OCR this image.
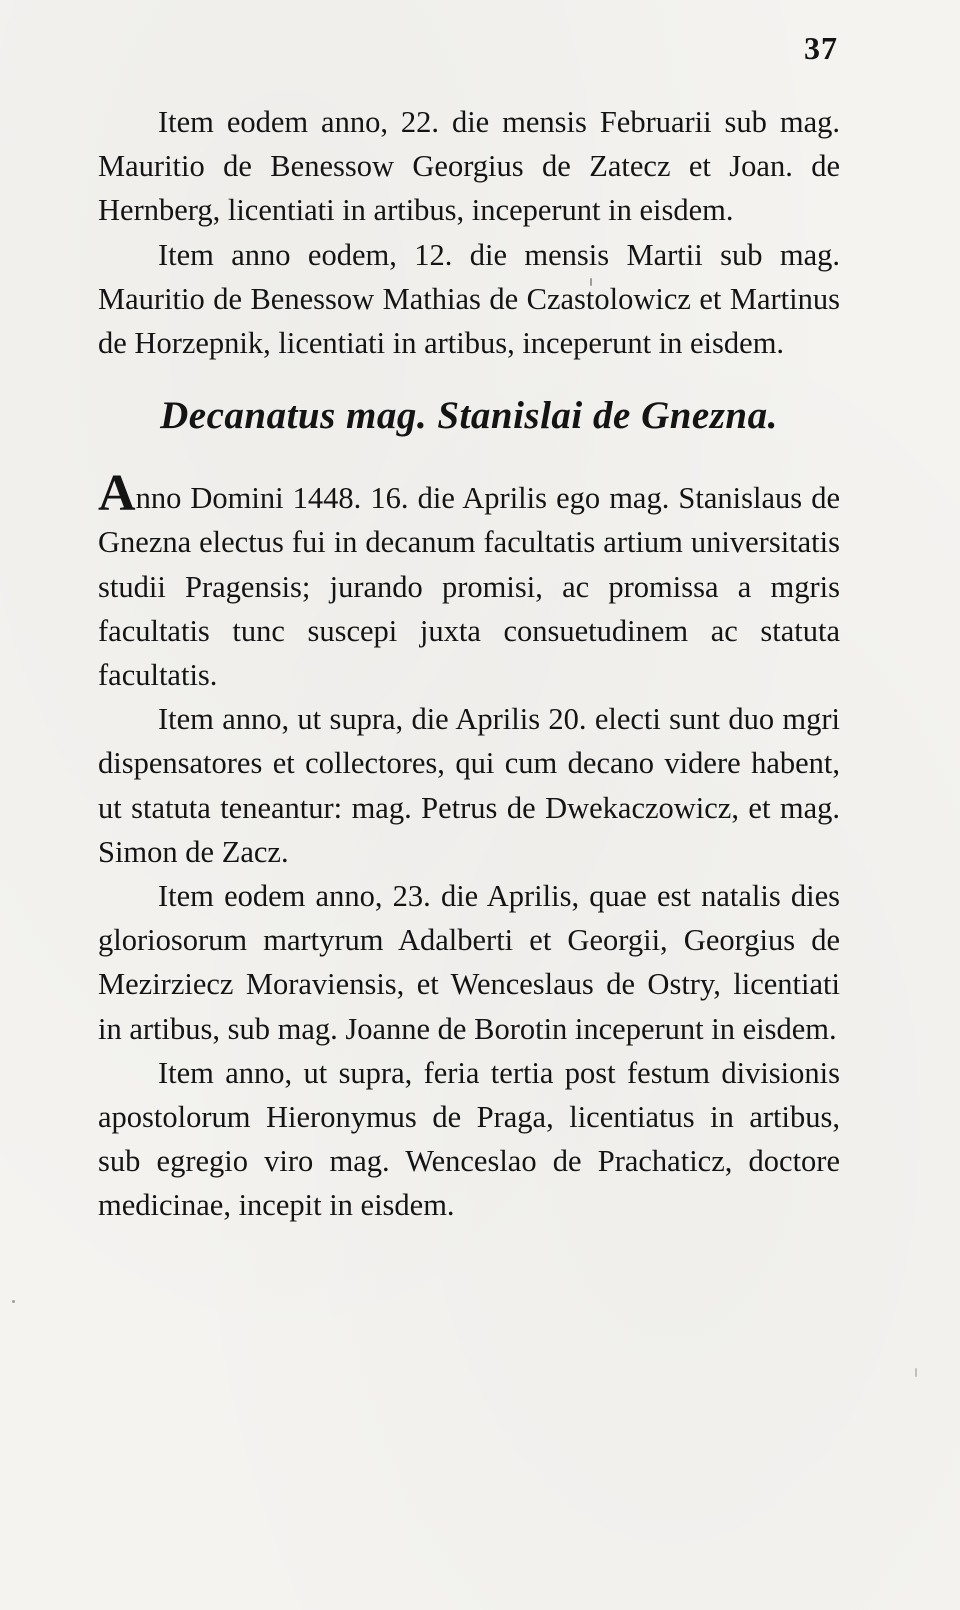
37

Item eodem anno, 22. die mensis Februarii sub mag. Mauritio de Benessow Georgius de Zatecz et Joan. de Hernberg, licentiati in artibus, inceperunt in eisdem.

Item anno eodem, 12. die mensis Martii sub mag. Mauritio de Benessow Mathias de Czastolowicz et Martinus de Horzepnik, licentiati in artibus, inceperunt in eisdem.

Decanatus mag. Stanislai de Gnezna.

Anno Domini 1448. 16. die Aprilis ego mag. Stanislaus de Gnezna electus fui in decanum facultatis artium universitatis studii Pragensis; jurando promisi, ac promissa a mgris facultatis tunc suscepi juxta consuetudinem ac statuta facultatis.

Item anno, ut supra, die Aprilis 20. electi sunt duo mgri dispensatores et collectores, qui cum decano videre habent, ut statuta teneantur: mag. Petrus de Dwekaczowicz, et mag. Simon de Zacz.

Item eodem anno, 23. die Aprilis, quae est natalis dies gloriosorum martyrum Adalberti et Georgii, Georgius de Mezirziecz Moraviensis, et Wenceslaus de Ostry, licentiati in artibus, sub mag. Joanne de Borotin inceperunt in eisdem.

Item anno, ut supra, feria tertia post festum divisionis apostolorum Hieronymus de Praga, licentiatus in artibus, sub egregio viro mag. Wenceslao de Prachaticz, doctore medicinae, incepit in eisdem.
